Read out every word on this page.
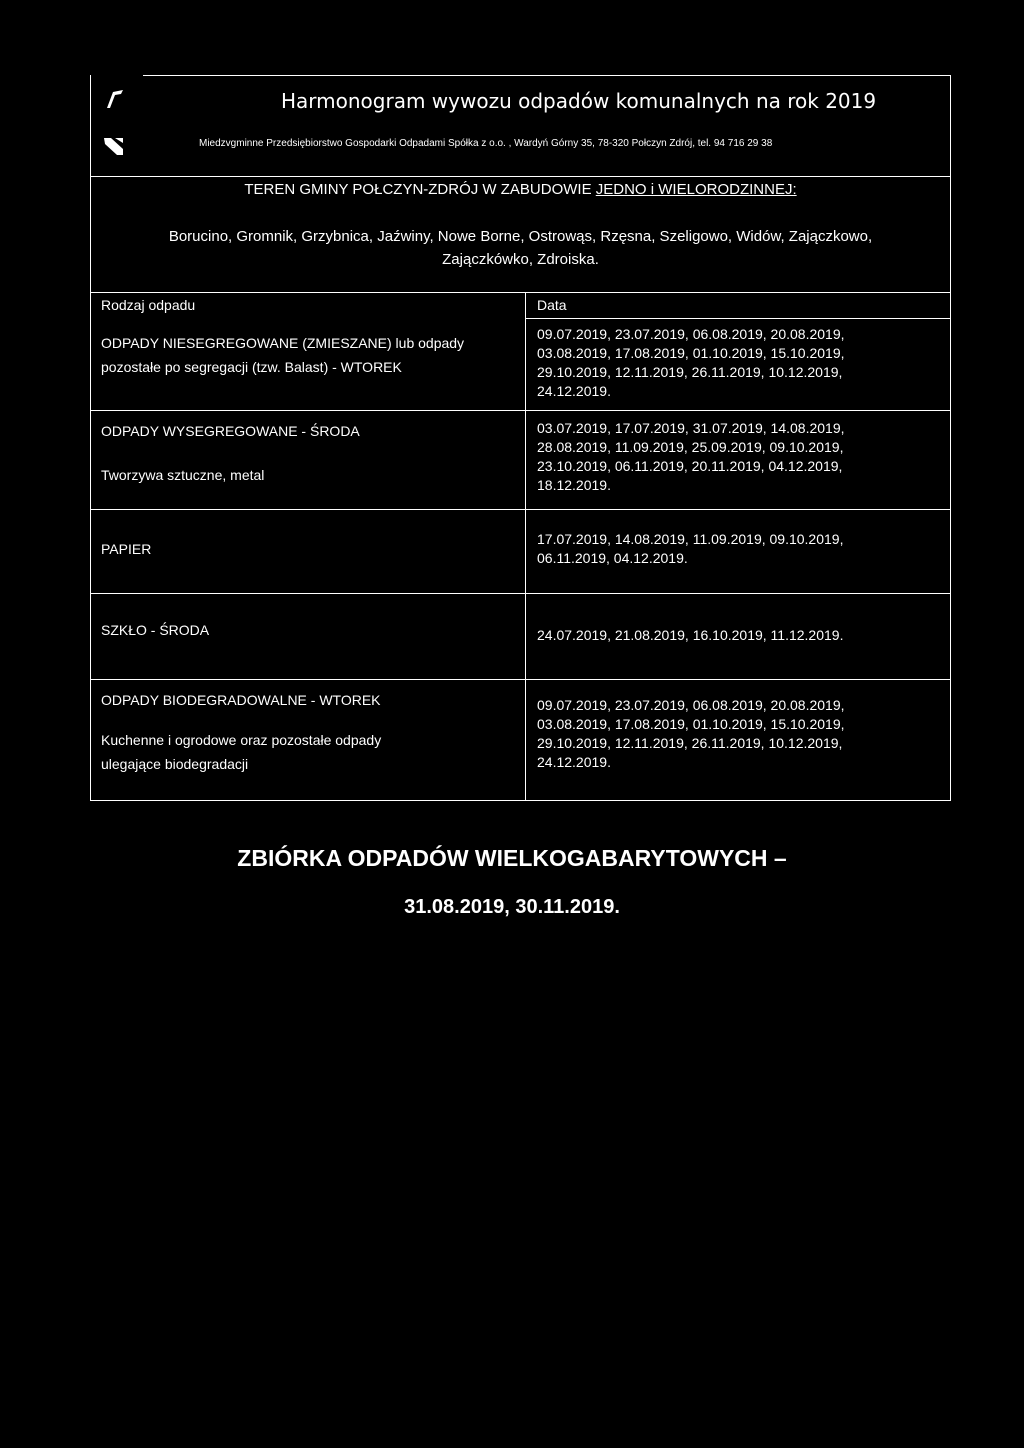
Harmonogram wywozu odpadów komunalnych na rok 2019
Miedzvgminne Przedsiębiorstwo Gospodarki Odpadami Spółka z o.o. , Wardyń Górny 35, 78-320 Połczyn Zdrój, tel. 94 716 29 38
TEREN GMINY POŁCZYN-ZDRÓJ W ZABUDOWIE JEDNO i WIELORODZINNEJ:
Borucino, Gromnik, Grzybnica, Jaźwiny, Nowe Borne, Ostrowąs, Rzęsna, Szeligowo, Widów, Zajączkowo,
Zajączkówko, Zdroiska.
Rodzaj odpadu	Data
ODPADY NIESEGREGOWANE (ZMIESZANE) lub odpady
pozostałe po segregacji (tzw. Balast) - WTOREK
09.07.2019, 23.07.2019, 06.08.2019, 20.08.2019,
03.08.2019, 17.08.2019, 01.10.2019, 15.10.2019,
29.10.2019, 12.11.2019, 26.11.2019, 10.12.2019,
24.12.2019.
ODPADY WYSEGREGOWANE - ŚRODA
Tworzywa sztuczne, metal
03.07.2019, 17.07.2019, 31.07.2019, 14.08.2019,
28.08.2019, 11.09.2019, 25.09.2019, 09.10.2019,
23.10.2019, 06.11.2019, 20.11.2019, 04.12.2019,
18.12.2019.
PAPIER
17.07.2019, 14.08.2019, 11.09.2019, 09.10.2019,
06.11.2019, 04.12.2019.
SZKŁO - ŚRODA	24.07.2019, 21.08.2019, 16.10.2019, 11.12.2019.
ODPADY BIODEGRADOWALNE - WTOREK
Kuchenne i ogrodowe oraz pozostałe odpady
ulegające biodegradacji
09.07.2019, 23.07.2019, 06.08.2019, 20.08.2019,
03.08.2019, 17.08.2019, 01.10.2019, 15.10.2019,
29.10.2019, 12.11.2019, 26.11.2019, 10.12.2019,
24.12.2019.
ZBIÓRKA ODPADÓW WIELKOGABARYTOWYCH –
31.08.2019, 30.11.2019.
